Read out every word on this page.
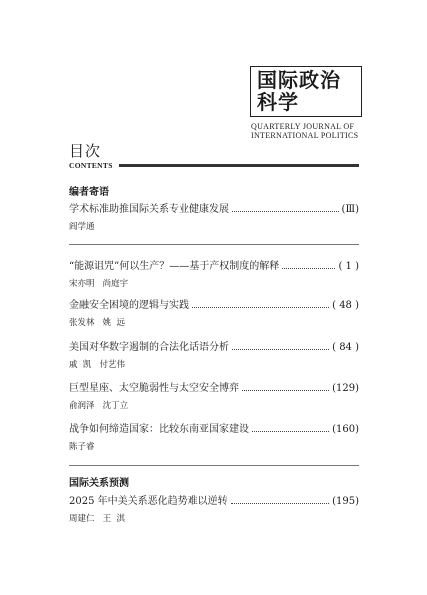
国际政治科学
QUARTERLY JOURNAL OF
INTERNATIONAL POLITICS
目次
CONTENTS
编者寄语
学术标准助推国际关系专业健康发展	(Ⅲ)
阎学通
“能源诅咒”何以生产？——基于产权制度的解释	( 1 )
宋亦明   尚庭宇
金融安全困境的逻辑与实践	( 48 )
张发林   姚  远
美国对华数字遏制的合法化话语分析	( 84 )
戚  凯   付艺伟
巨型星座、太空脆弱性与太空安全博弈	(129)
俞润泽   沈丁立
战争如何缔造国家：比较东南亚国家建设	(160)
陈子睿
国际关系预测
2025 年中美关系恶化趋势难以逆转	(195)
周建仁   王  淇
